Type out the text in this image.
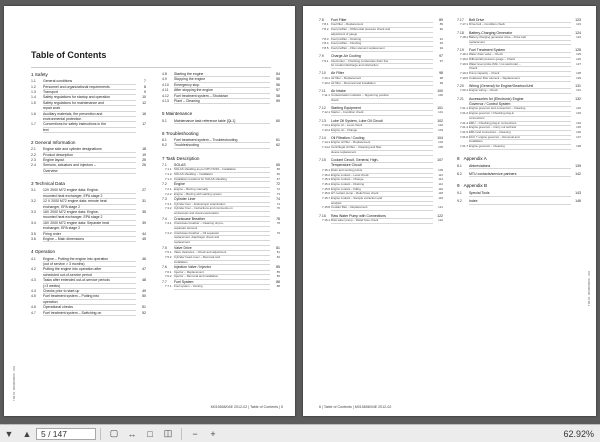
Table of Contents
1 Safety
1.1	General conditions	7
1.2	Personnel and organizational requirements	8
1.3	Transport	9
1.4	Safety regulations for startup and operation	10
1.5	Safety regulations for maintenance and	12
repair work
1.6	Auxiliary materials, fire prevention and	16
environmental protection
1.7	Conventions for safety instructions in the	17
text
2 General Information
2.1	Engine side and cylinder designations	18
2.2	Product description	19
2.3	Engine layout	25
2.4	Sensors, actuators and injectors –	26
Overview
3 Technical Data
3.1	12V 2000 M72 engine data: Engine-	27
mounted heat exchanger, EPA stage 2
3.2	12 V 2000 M72 engine data: remote heat	31
exchanger, EPA stage 2
3.3	16V 2000 M72 engine data: Engine-	35
mounted heat exchanger, EPA stage 2
3.4	16V 2000 M72 engine data: Separate heat	39
exchanger, EPA stage 2
3.5	Firing order	44
3.6	Engine – Main dimensions	45
4 Operation
4.1	Engine – Putting the engine into operation	46
(out of service > 3 months)
4.2	Putting the engine into operation after	47
scheduled out-of-service period
4.3	Tasks after extended out-of-service periods	48
(>3 weeks)
4.4	Checks prior to start-up	49
4.5	Fuel treatment system – Putting into	50
operation
4.6	Operational checks	51
4.7	Fuel treatment system – Switching on	52
4.8	Starting the engine	54
4.9	Stopping the engine	55
4.10	Emergency stop	56
4.11	After stopping the engine	57
4.12	Fuel treatment system – Shutdown	58
4.13	Plant – Cleaning	59
5 Maintenance
5.1	Maintenance task reference table [QL1]	60
6 Troubleshooting
6.1	Fuel treatment system – Troubleshooting	61
6.2	Troubleshooting	62
7 Task Description
7.1	SOLAS	65
7.1.1 SOLAS shielding as per MTU 5233 – Installation	65
7.1.2 SOLAS shielding – Installation	66
7.1.3 Installation locations for SOLAS shielding	67
7.2	Engine	72
7.2.1 Engine – Barring manually	72
7.2.2 Engine – Barring with starting system	73
7.3	Cylinder Liner	74
7.3.1 Cylinder liner – Endoscopic examination	74
7.3.2 Cylinder liner – Instructions and comments on	76
endoscopic and visual examination
7.4	Crankcase Breather	78
7.4.1 Crankcase breather – Cleaning oil pre-	78
separator element
7.4.2 Crankcase breather – Oil separator	79
replacement, diaphragm check and
replacement
7.5	Valve Drive	81
7.5.1 Valve clearance – Check and adjustment	81
7.5.2 Cylinder head cover – Removal and	84
installation
7.6	Injection Valve / Injector	85
7.6.1 Injector – Replacement	85
7.6.2 Injector – Removal and installation	86
7.7	Fuel System	88
7.7.1 Fuel system – Venting	88
TIM-ID: 0000000000 - 001
M015658/04E 2012-02 | Table of Contents | 5
7.8	Fuel Filter	89
7.8.1 Fuel filter – Replacement	89
7.8.2 Fuel prefilter – Differential pressure check and	90
adjustment of gauge
7.8.3 Fuel prefilter – Draining	91
7.8.4 Fuel prefilter – Flushing	93
7.8.5 Fuel prefilter – Filter element replacement	94
7.9	Charge-Air Cooling	97
7.9.1 Intercooler – Checking condensate drain line	97
for coolant discharge and obstruction
7.10	Air Filter	98
7.10.1 Air filter – Replacement	98
7.10.2 Air filter – Removal and installation	99
7.11	Air Intake	100
7.11.1 Contamination indicator – Signal ring position	100
check
7.12	Starting Equipment	101
7.12.1 Starter – Condition check	101
7.13	Lube Oil System, Lube Oil Circuit	102
7.13.1 Engine oil – Level check	102
7.13.2 Engine oil – Change	103
7.14	Oil Filtration / Cooling	104
7.14.1 Engine oil filter – Replacement	104
7.14.2 Centrifugal oil filter – Cleaning and filter	105
sleeve replacement
7.15	Coolant Circuit, General, High-	107
Temperature Circuit
7.15.1 Drain and venting points	109
7.15.2 Engine coolant – Level check	112
7.15.3 Engine coolant – Change	113
7.15.4 Engine coolant – Draining	114
7.15.5 Engine coolant – Filling	116
7.15.6 HT coolant pump – Relief bore check	118
7.15.7 Engine coolant – Sample extraction and	119
analysis
7.15.8 Coolant filter – Replacement	121
7.16	Raw Water Pump with Connections	122
7.16.1 Raw water pump – Relief bore check	122
7.17	Belt Drive	123
7.17.1 Drive belt – Condition check	123
7.18	Battery-Charging Generator	124
7.18.1 Battery-charging generator drive – Drive belt	124
replacement
7.19	Fuel Treatment System	125
7.19.1 Water drain valve – Check	125
7.19.2 Differential pressure gauge – Check	126
7.19.3 Water level probe (Min / not electrode) –	127
Check
7.19.4 Pump capacity – Check	128
7.19.5 Coalescer filter element – Replacement	129
7.20	Wiring (General) for Engine/Gearbox/Unit	131
7.20.1 Engine wiring – Check	131
7.21	Accessories for (Electronic) Engine	132
Governor / Control System
7.21.1 Engine governor and connectors – Cleaning	132
7.21.2 Engine governor / Checking plug-in	133
connections
7.21.3 EMU – Checking plug-in connections	134
7.21.4 Engine governor – Carry out self-test	135
7.21.5 EMU and connectors – Cleaning	136
7.21.6 ECU 7 engine governor – Removal and	137
installation
7.21.7 Engine governor – Cleaning	138
8 Appendix A
8.1	Abbreviations	139
8.2	MTU contacts/service partners	142
9 Appendix B
9.1	Special Tools	143
9.2	Index	146
TIM-ID: 0000000000 - 001
6 | Table of Contents | M015658/04E 2012-02
▼	▲	5 / 147	▢	↔	□	◫	−	+	62.92%
